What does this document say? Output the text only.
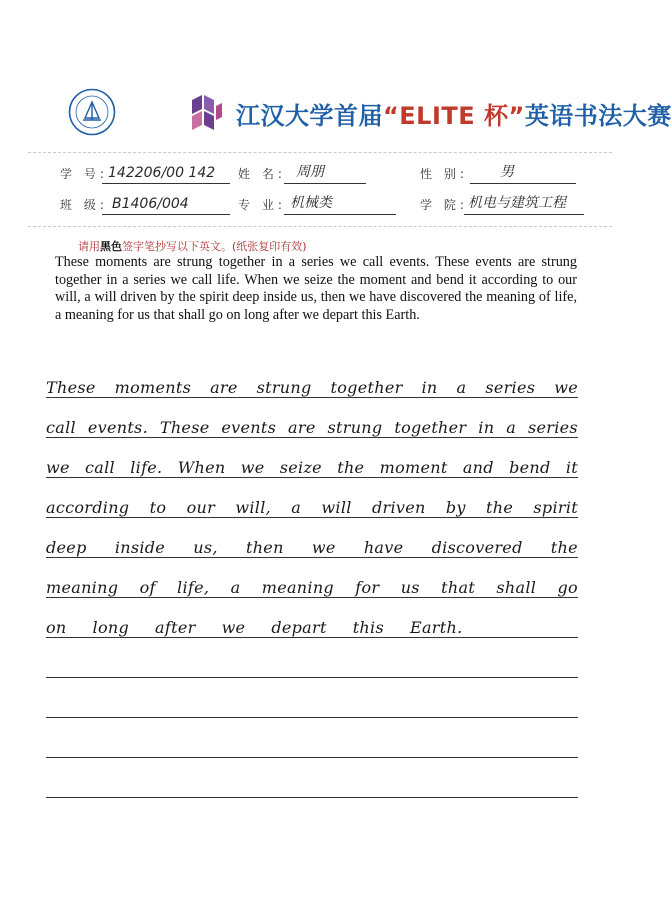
江汉大学首届“ELITE 杯”英语书法大赛
学 号: 142206/00 142 姓 名: 周朋	性 别: 男
班 级: B1406/004	专 业: 机械类	学 院: 机电与建筑工程
请用黑色签字笔抄写以下英文。(纸张复印有效)
These moments are strung together in a series we call events. These events are strung together in a series we call life. When we seize the moment and bend it according to our will, a will driven by the spirit deep inside us, then we have discovered the meaning of life, a meaning for us that shall go on long after we depart this Earth.
These moments are strung together in a series we
call events. These events are strung together in a series
we call life. When we seize the moment and bend it
according to our will, a will driven by the spirit
deep inside us, then we have discovered the
meaning of life, a meaning for us that shall go
on long after we depart this Earth.
